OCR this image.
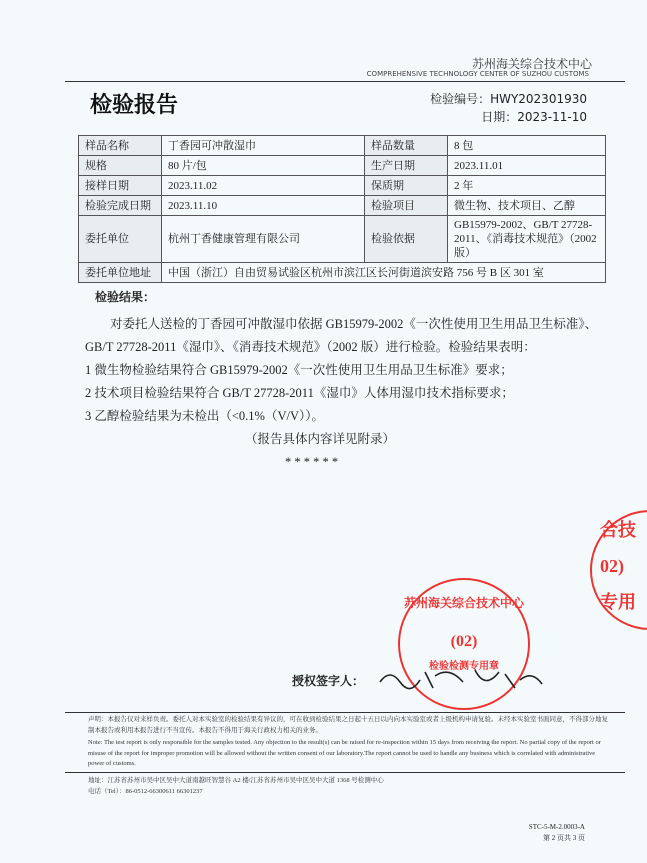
苏州海关综合技术中心
COMPREHENSIVE TECHNOLOGY CENTER OF SUZHOU CUSTOMS
检验报告	检验编号：HWY202301930
日期：2023-11-10
样品名称	丁香园可冲散湿巾	样品数量	8 包
规格	80 片/包	生产日期	2023.11.01
接样日期	2023.11.02	保质期	2 年
检验完成日期	2023.11.10	检验项目	微生物、技术项目、乙醇
委托单位	杭州丁香健康管理有限公司	检验依据	GB15979-2002、GB/T 27728-2011、《消毒技术规范》（2002 版）
委托单位地址	中国（浙江）自由贸易试验区杭州市滨江区长河街道滨安路 756 号 B 区 301 室		
检验结果：

对委托人送检的丁香园可冲散湿巾依据 GB15979-2002《一次性使用卫生用品卫生标准》、GB/T 27728-2011《湿巾》、《消毒技术规范》（2002 版）进行检验。检验结果表明：

1 微生物检验结果符合 GB15979-2002《一次性使用卫生用品卫生标准》要求；

2 技术项目检验结果符合 GB/T 27728-2011《湿巾》人体用湿巾技术指标要求；

3 乙醇检验结果为未检出（<0.1%（V/V））。

（报告具体内容详见附录）

* * * * * *

苏州海关综合技术中心
(02)
检验检测专用章
合技
02)
专用
授权签字人：
声明：本报告仅对来样负责。委托人对本实验室的检验结果有异议的，可在收到检验结果之日起十五日以内向本实验室或者上级机构申请复验。未经本实验室书面同意，不得部分地复制本报告或利用本报告进行不当宣传。本报告不得用于海关行政权力相关的业务。
Note: The test report is only responsible for the samples tested. Any objection to the result(s) can be raised for re-inspection within 15 days from receiving the report. No partial copy of the report or misuse of the report for improper promotion will be allowed without the written consent of our laboratory.The report cannot be used to handle any business which is correlated with administrative power of customs.
地址：江苏省苏州市吴中区吴中大道南越旺智慧谷 A2 楼/江苏省苏州市吴中区吴中大道 1368 号检测中心
电话（Tel）：86-0512-66300611 66301237
STC-5-M-2.0003-A
第 2 页共 3 页
